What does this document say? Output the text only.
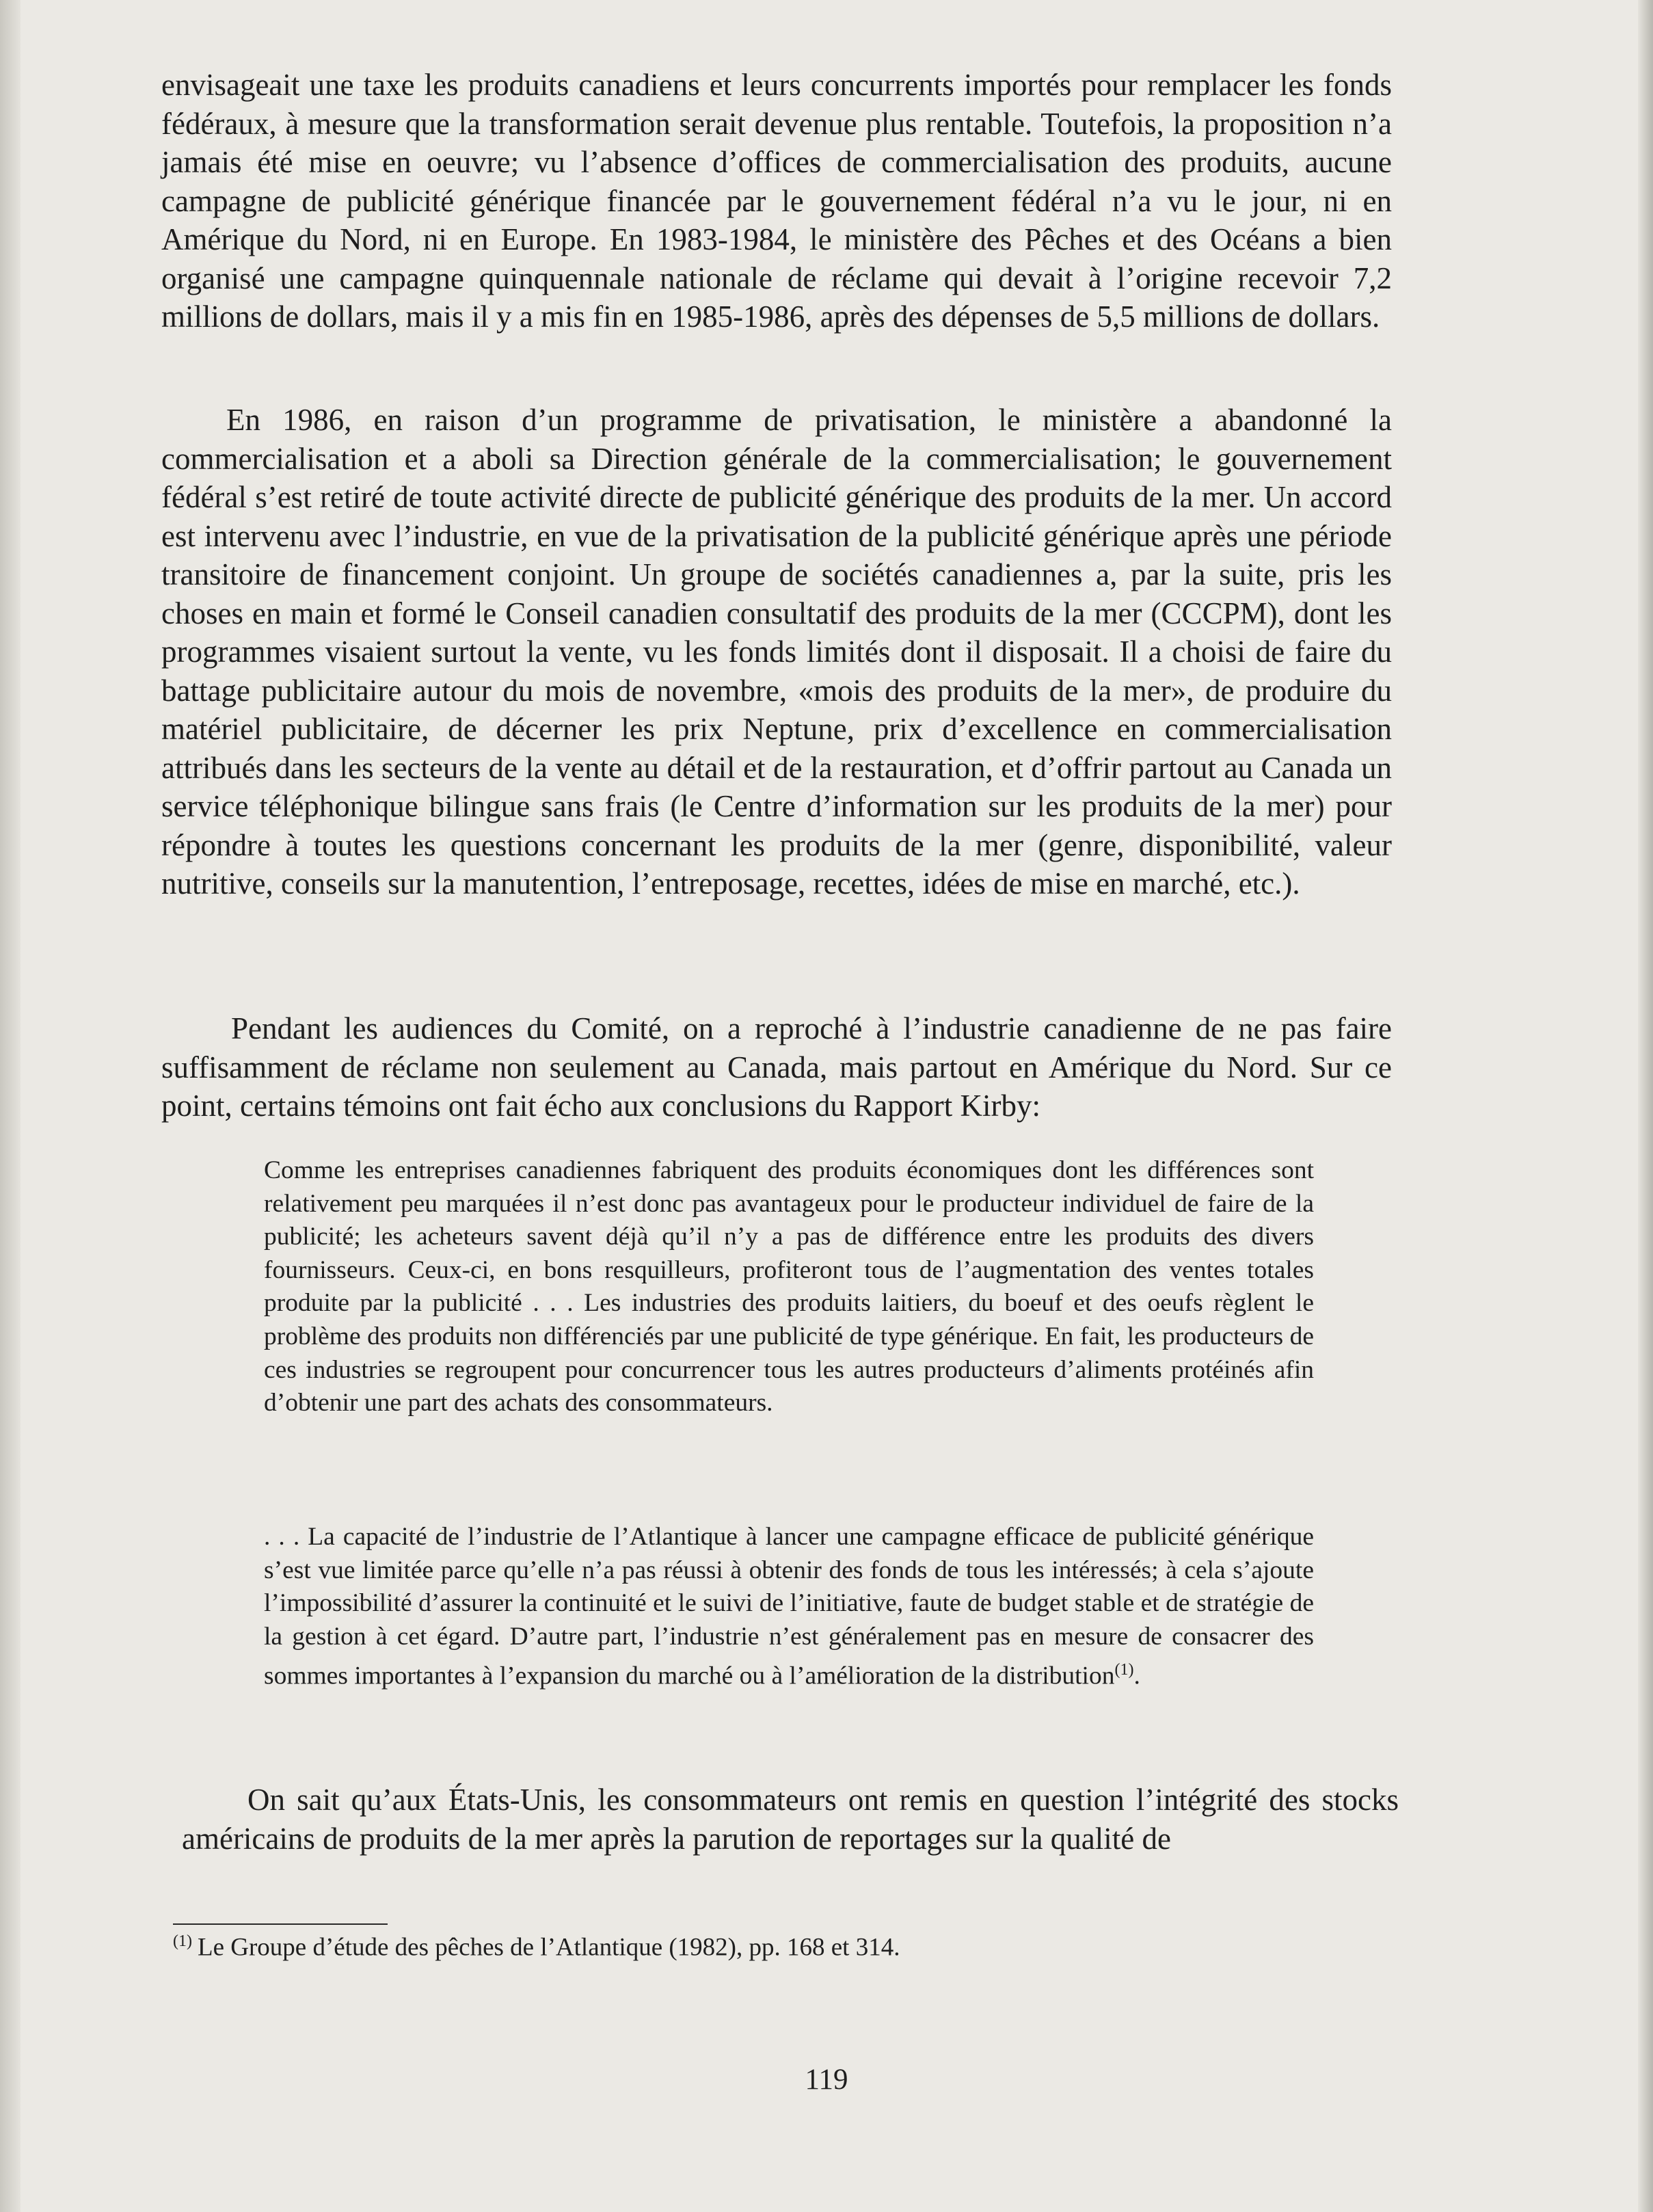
envisageait une taxe les produits canadiens et leurs concurrents importés pour remplacer les fonds fédéraux, à mesure que la transformation serait devenue plus rentable. Toutefois, la proposition n’a jamais été mise en oeuvre; vu l’absence d’offices de commercialisation des produits, aucune campagne de publicité générique financée par le gouvernement fédéral n’a vu le jour, ni en Amérique du Nord, ni en Europe. En 1983-1984, le ministère des Pêches et des Océans a bien organisé une campagne quinquennale nationale de réclame qui devait à l’origine recevoir 7,2 millions de dollars, mais il y a mis fin en 1985-1986, après des dépenses de 5,5 millions de dollars.

En 1986, en raison d’un programme de privatisation, le ministère a abandonné la commercialisation et a aboli sa Direction générale de la commercialisation; le gouvernement fédéral s’est retiré de toute activité directe de publicité générique des produits de la mer. Un accord est intervenu avec l’industrie, en vue de la privatisation de la publicité générique après une période transitoire de financement conjoint. Un groupe de sociétés canadiennes a, par la suite, pris les choses en main et formé le Conseil canadien consultatif des produits de la mer (CCCPM), dont les programmes visaient surtout la vente, vu les fonds limités dont il disposait. Il a choisi de faire du battage publicitaire autour du mois de novembre, «mois des produits de la mer», de produire du matériel publicitaire, de décerner les prix Neptune, prix d’excellence en commercialisation attribués dans les secteurs de la vente au détail et de la restauration, et d’offrir partout au Canada un service téléphonique bilingue sans frais (le Centre d’information sur les produits de la mer) pour répondre à toutes les questions concernant les produits de la mer (genre, disponibilité, valeur nutritive, conseils sur la manutention, l’entreposage, recettes, idées de mise en marché, etc.).

Pendant les audiences du Comité, on a reproché à l’industrie canadienne de ne pas faire suffisamment de réclame non seulement au Canada, mais partout en Amérique du Nord. Sur ce point, certains témoins ont fait écho aux conclusions du Rapport Kirby:

Comme les entreprises canadiennes fabriquent des produits économiques dont les différences sont relativement peu marquées il n’est donc pas avantageux pour le producteur individuel de faire de la publicité; les acheteurs savent déjà qu’il n’y a pas de différence entre les produits des divers fournisseurs. Ceux-ci, en bons resquilleurs, profiteront tous de l’augmentation des ventes totales produite par la publicité . . . Les industries des produits laitiers, du boeuf et des oeufs règlent le problème des produits non différenciés par une publicité de type générique. En fait, les producteurs de ces industries se regroupent pour concurrencer tous les autres producteurs d’aliments protéinés afin d’obtenir une part des achats des consommateurs.

. . . La capacité de l’industrie de l’Atlantique à lancer une campagne efficace de publicité générique s’est vue limitée parce qu’elle n’a pas réussi à obtenir des fonds de tous les intéressés; à cela s’ajoute l’impossibilité d’assurer la continuité et le suivi de l’initiative, faute de budget stable et de stratégie de la gestion à cet égard. D’autre part, l’industrie n’est généralement pas en mesure de consacrer des sommes importantes à l’expansion du marché ou à l’amélioration de la distribution$^{(1)}$.

On sait qu’aux États-Unis, les consommateurs ont remis en question l’intégrité des stocks américains de produits de la mer après la parution de reportages sur la qualité de

$^{(1)}$ Le Groupe d’étude des pêches de l’Atlantique (1982), pp. 168 et 314.

119
